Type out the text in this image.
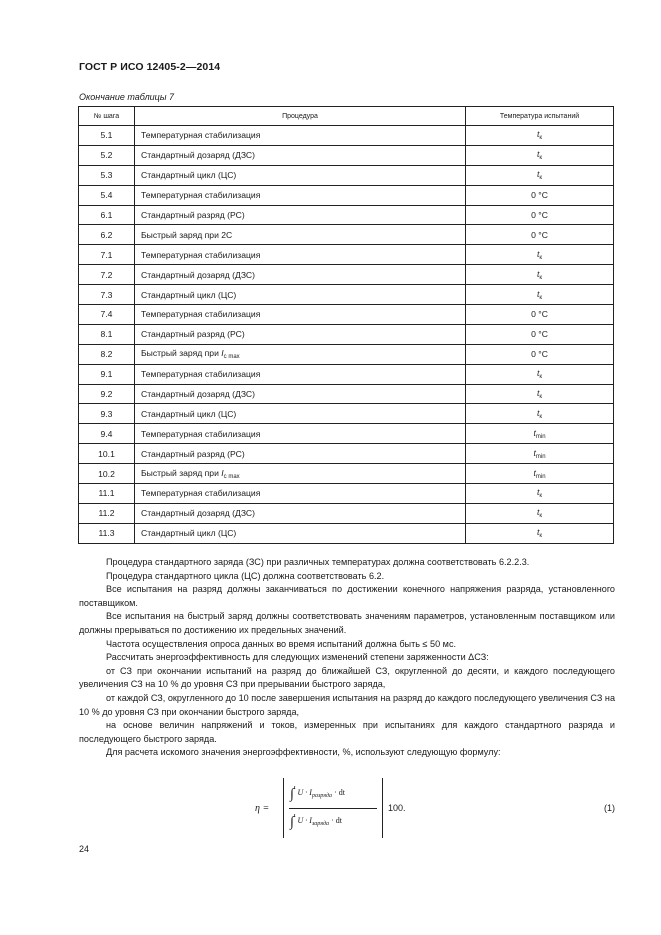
ГОСТ Р ИСО 12405-2—2014
Окончание таблицы 7
№ шага	Процедура	Температура испытаний
5.1	Температурная стабилизация	$t_к$
5.2	Стандартный дозаряд (ДЗС)	$t_к$
5.3	Стандартный цикл (ЦС)	$t_к$
5.4	Температурная стабилизация	0 °C
6.1	Стандартный разряд (РС)	0 °C
6.2	Быстрый заряд при 2С	0 °C
7.1	Температурная стабилизация	$t_к$
7.2	Стандартный дозаряд (ДЗС)	$t_к$
7.3	Стандартный цикл (ЦС)	$t_к$
7.4	Температурная стабилизация	0 °C
8.1	Стандартный разряд (РС)	0 °C
8.2	Быстрый заряд при $I_{c max}$	0 °C
9.1	Температурная стабилизация	$t_к$
9.2	Стандартный дозаряд (ДЗС)	$t_к$
9.3	Стандартный цикл (ЦС)	$t_к$
9.4	Температурная стабилизация	$t_{min}$
10.1	Стандартный разряд (РС)	$t_{min}$
10.2	Быстрый заряд при $I_{c max}$	$t_{min}$
11.1	Температурная стабилизация	$t_к$
11.2	Стандартный дозаряд (ДЗС)	$t_к$
11.3	Стандартный цикл (ЦС)	$t_к$

Процедура стандартного заряда (ЗС) при различных температурах должна соответствовать 6.2.2.3.

Процедура стандартного цикла (ЦС) должна соответствовать 6.2.

Все испытания на разряд должны заканчиваться по достижении конечного напряжения разряда, установленного поставщиком.

Все испытания на быстрый заряд должны соответствовать значениям параметров, установленным поставщиком или должны прерываться по достижению их предельных значений.

Частота осуществления опроса данных во время испытаний должна быть ≤ 50 мс.

Рассчитать энергоэффективность для следующих изменений степени заряженности ΔСЗ:

от СЗ при окончании испытаний на разряд до ближайшей СЗ, округленной до десяти, и каждого последующего увеличения СЗ на 10 % до уровня СЗ при прерывании быстрого заряда,

от каждой СЗ, округленного до 10 после завершения испытания на разряд до каждого последующего увеличения СЗ на 10 % до уровня СЗ при окончании быстрого заряда,

на основе величин напряжений и токов, измеренных при испытаниях для каждого стандартного разряда и последующего быстрого заряда.

Для расчета искомого значения энергоэффективности, %, используют следующую формулу:

η =
∫$^t$ $U \cdot I_{разряда}$ · dt
∫$^t$ $U \cdot I_{заряда}$ · dt
100.	(1)
24
